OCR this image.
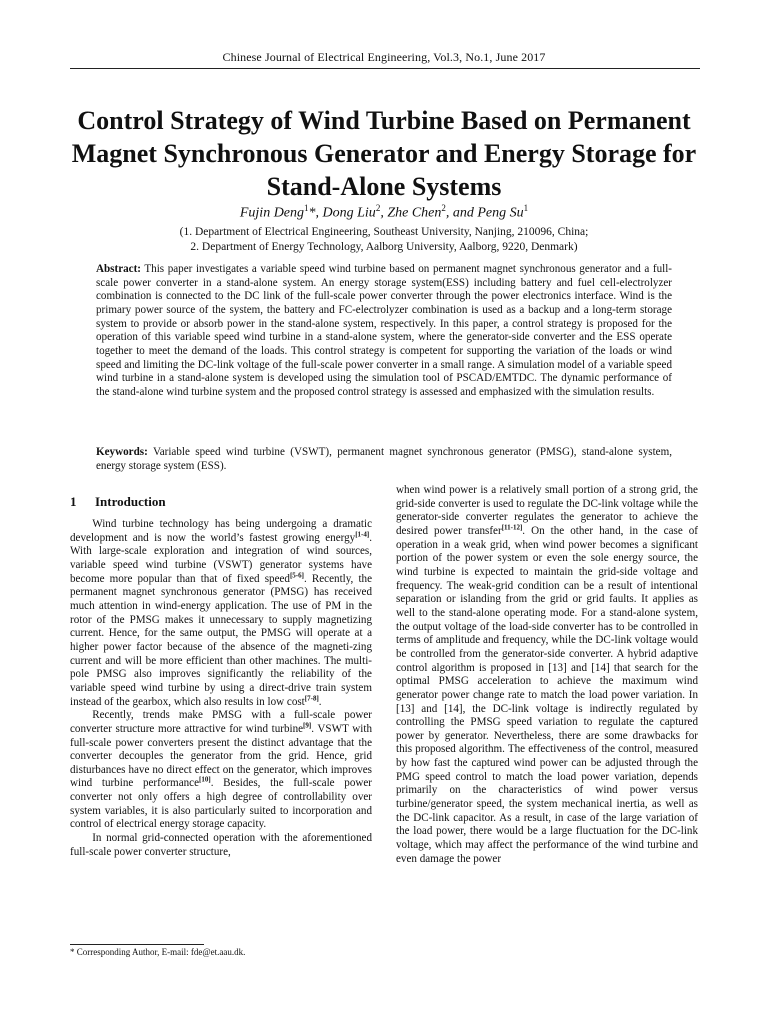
Chinese Journal of Electrical Engineering, Vol.3, No.1, June 2017
Control Strategy of Wind Turbine Based on Permanent Magnet Synchronous Generator and Energy Storage for Stand-Alone Systems
Fujin Deng$^1$*, Dong Liu$^2$, Zhe Chen$^2$, and Peng Su$^1$
(1. Department of Electrical Engineering, Southeast University, Nanjing, 210096, China;
2. Department of Energy Technology, Aalborg University, Aalborg, 9220, Denmark)

Abstract: This paper investigates a variable speed wind turbine based on permanent magnet synchronous generator and a full-scale power converter in a stand-alone system. An energy storage system(ESS) including battery and fuel cell-electrolyzer combination is connected to the DC link of the full-scale power converter through the power electronics interface. Wind is the primary power source of the system, the battery and FC-electrolyzer combination is used as a backup and a long-term storage system to provide or absorb power in the stand-alone system, respectively. In this paper, a control strategy is proposed for the operation of this variable speed wind turbine in a stand-alone system, where the generator-side converter and the ESS operate together to meet the demand of the loads. This control strategy is competent for supporting the variation of the loads or wind speed and limiting the DC-link voltage of the full-scale power converter in a small range. A simulation model of a variable speed wind turbine in a stand-alone system is developed using the simulation tool of PSCAD/EMTDC. The dynamic performance of the stand-alone wind turbine system and the proposed control strategy is assessed and emphasized with the simulation results.

Keywords: Variable speed wind turbine (VSWT), permanent magnet synchronous generator (PMSG), stand-alone system, energy storage system (ESS).

1 Introduction

Wind turbine technology has being undergoing a dramatic development and is now the world’s fastest growing energy[1-4]. With large-scale exploration and integration of wind sources, variable speed wind turbine (VSWT) generator systems have become more popular than that of fixed speed[5-6]. Recently, the permanent magnet synchronous generator (PMSG) has received much attention in wind-energy application. The use of PM in the rotor of the PMSG makes it unnecessary to supply magnetizing current. Hence, for the same output, the PMSG will operate at a higher power factor because of the absence of the magneti-zing current and will be more efficient than other machines. The multi-pole PMSG also improves significantly the reliability of the variable speed wind turbine by using a direct-drive train system instead of the gearbox, which also results in low cost[7-8].

Recently, trends make PMSG with a full-scale power converter structure more attractive for wind turbine[9]. VSWT with full-scale power converters present the distinct advantage that the converter decouples the generator from the grid. Hence, grid disturbances have no direct effect on the generator, which improves wind turbine performance[10]. Besides, the full-scale power converter not only offers a high degree of controllability over system variables, it is also particularly suited to incorporation and control of electrical energy storage capacity.

In normal grid-connected operation with the aforementioned full-scale power converter structure,

when wind power is a relatively small portion of a strong grid, the grid-side converter is used to regulate the DC-link voltage while the generator-side converter regulates the generator to achieve the desired power transfer[11-12]. On the other hand, in the case of operation in a weak grid, when wind power becomes a significant portion of the power system or even the sole energy source, the wind turbine is expected to maintain the grid-side voltage and frequency. The weak-grid condition can be a result of intentional separation or islanding from the grid or grid faults. It applies as well to the stand-alone operating mode. For a stand-alone system, the output voltage of the load-side converter has to be controlled in terms of amplitude and frequency, while the DC-link voltage would be controlled from the generator-side converter. A hybrid adaptive control algorithm is proposed in [13] and [14] that search for the optimal PMSG acceleration to achieve the maximum wind generator power change rate to match the load power variation. In [13] and [14], the DC-link voltage is indirectly regulated by controlling the PMSG speed variation to regulate the captured power by generator. Nevertheless, there are some drawbacks for this proposed algorithm. The effectiveness of the control, measured by how fast the captured wind power can be adjusted through the PMG speed control to match the load power variation, depends primarily on the characteristics of wind power versus turbine/generator speed, the system mechanical inertia, as well as the DC-link capacitor. As a result, in case of the large variation of the load power, there would be a large fluctuation for the DC-link voltage, which may affect the performance of the wind turbine and even damage the power

* Corresponding Author, E-mail: fde@et.aau.dk.
